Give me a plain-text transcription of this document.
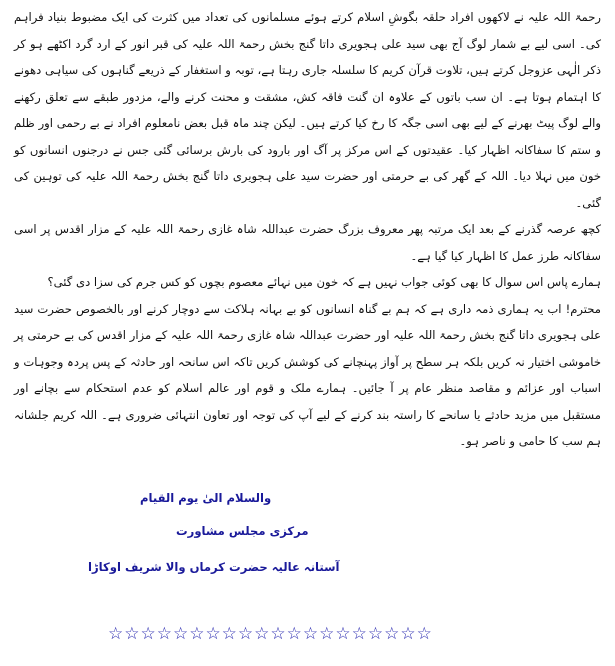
رحمۃ اللہ علیہ نے لاکھوں افراد حلقہ بگوشِ اسلام کرتے ہوئے مسلمانوں کی تعداد میں کثرت کی ایک مضبوط بنیاد فراہم کی۔ اسی لیے بے شمار لوگ آج بھی سید علی ہجویری داتا گنج بخش رحمۃ اللہ علیہ کی قبر انور کے ارد گرد اکٹھے ہو کر ذکر الٰہی عزوجل کرتے ہیں، تلاوت قرآن کریم کا سلسلہ جاری رہتا ہے، توبہ و استغفار کے ذریعے گناہوں کی سیاہی دھونے کا اہتمام ہوتا ہے۔ ان سب باتوں کے علاوہ ان گنت فاقہ کش، مشقت و محنت کرنے والے، مزدور طبقے سے تعلق رکھنے والے لوگ پیٹ بھرنے کے لیے بھی اسی جگہ کا رخ کیا کرتے ہیں۔ لیکن چند ماہ قبل بعض نامعلوم افراد نے بے رحمی اور ظلم و ستم کا سفاکانہ اظہار کیا۔ عقیدتوں کے اس مرکز پر آگ اور بارود کی بارش برسائی گئی جس نے درجنوں انسانوں کو خون میں نہلا دیا۔ اللہ کے گھر کی بے حرمتی اور حضرت سید علی ہجویری داتا گنج بخش رحمۃ اللہ علیہ کی توہین کی گئی۔

کچھ عرصہ گذرنے کے بعد ایک مرتبہ پھر معروف بزرگ حضرت عبداللہ شاہ غازی رحمۃ اللہ علیہ کے مزار اقدس پر اسی سفاکانہ طرز عمل کا اظہار کیا گیا ہے۔

ہمارے پاس اس سوال کا بھی کوئی جواب نہیں ہے کہ خون میں نہائے معصوم بچوں کو کس جرم کی سزا دی گئی؟

محترم! اب یہ ہماری ذمہ داری ہے کہ ہم بے گناہ انسانوں کو بے بہانہ ہلاکت سے دوچار کرنے اور بالخصوص حضرت سید علی ہجویری داتا گنج بخش رحمۃ اللہ علیہ اور حضرت عبداللہ شاہ غازی رحمۃ اللہ علیہ کے مزار اقدس کی بے حرمتی پر خاموشی اختیار نہ کریں بلکہ ہر سطح پر آواز پہنچانے کی کوشش کریں تاکہ اس سانحہ اور حادثہ کے پس پردہ وجوہات و اسباب اور عزائم و مقاصد منظر عام پر آ جائیں۔ ہمارے ملک و قوم اور عالم اسلام کو عدم استحکام سے بچانے اور مستقبل میں مزید حادثے یا سانحے کا راستہ بند کرنے کے لیے آپ کی توجہ اور تعاون انتہائی ضروری ہے۔ اللہ کریم جلشانہ ہم سب کا حامی و ناصر ہو۔

والسلام الیٰ یوم القیام
مرکزی مجلس مشاورت
آستانہ عالیہ حضرت کرماں والا شریف اوکاڑا
☆☆☆☆☆☆☆☆☆☆☆☆☆☆☆☆☆☆☆☆
